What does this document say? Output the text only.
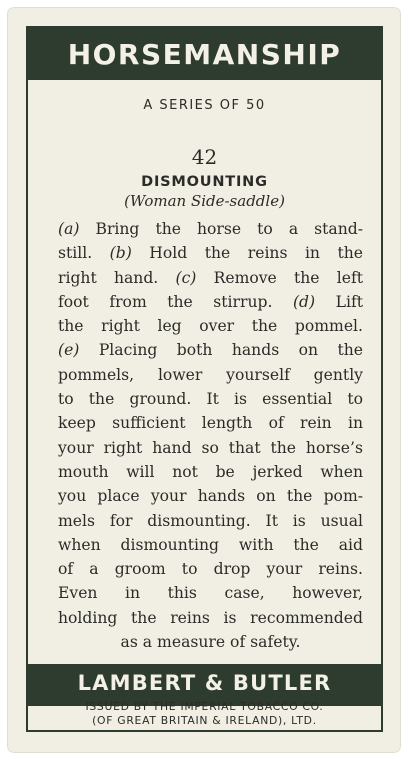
HORSEMANSHIP
A SERIES OF 50
42
DISMOUNTING
(Woman Side-saddle)
(a) Bring the horse to a stand-
still. (b) Hold the reins in the
right hand. (c) Remove the left
foot from the stirrup. (d) Lift
the right leg over the pommel.
(e) Placing both hands on the
pommels, lower yourself gently
to the ground. It is essential to
keep sufficient length of rein in
your right hand so that the horse’s
mouth will not be jerked when
you place your hands on the pom-
mels for dismounting. It is usual
when dismounting with the aid
of a groom to drop your reins.
Even in this case, however,
holding the reins is recommended
as a measure of safety.
LAMBERT & BUTLER
ISSUED BY THE IMPERIAL TOBACCO CO.
(OF GREAT BRITAIN & IRELAND), LTD.
